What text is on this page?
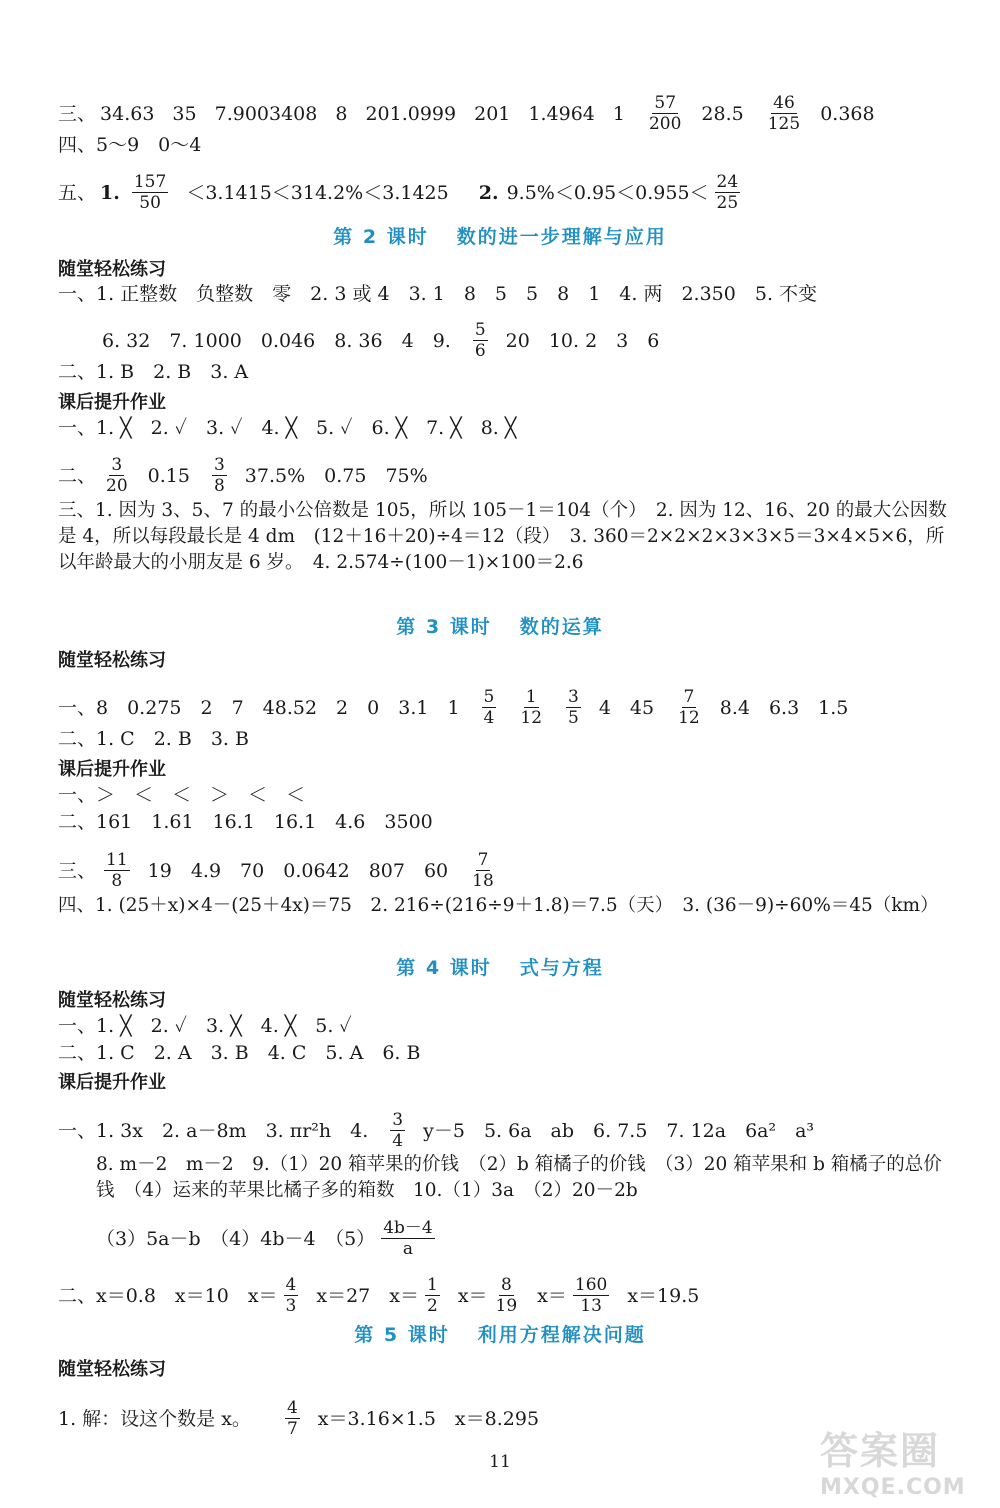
三、 34.63 35 7.9003408 8 201.0999 201 1.4964 $1 \frac{57}{200} 28.5 \frac{46}{125} 0.368$
四、5～9　0～4
五、 1. $\frac{157}{50} <3.1415<314.2\%<3.1425$ 2. $9.5\%<0.95<0.955< \frac{24}{25}$
第 2 课时 数的进一步理解与应用
随堂轻松练习
一、1. 正整数　负整数　零　2. 3 或 4　3. 1　8　5　5　8　1　4. 两　2.350　5. 不变
6. 32　7. 1000　0.046　8. 36　4　9. $\frac{5}{6} 20$　10. 2　3　6
二、1. B　2. B　3. A
课后提升作业
一、1. ╳　2. ✓　3. ✓　4. ╳　5. ✓　6. ╳　7. ╳　8. ╳
二、 $\frac{3}{20} 0.15 \frac{3}{8} 37.5\%$　0.75　75%
三、1. 因为 3、5、7 的最小公倍数是 105，所以 105－1＝104（个）　2. 因为 12、16、20 的最大公因数是 4，所以每段最长是 4 dm　(12＋16＋20)÷4＝12（段）　3. 360＝2×2×2×3×3×5＝3×4×5×6，所以年龄最大的小朋友是 6 岁。　4. 2.574÷(100－1)×100＝2.6
第 3 课时 数的运算
随堂轻松练习
一、8　0.275　2　7　48.52　2　0　3.1　$1 \frac{5}{4} \frac{1}{12} \frac{3}{5} 4$　$45 \frac{7}{12} 8.4$　6.3　1.5
二、1. C　2. B　3. B
课后提升作业
一、＞　＜　＜　＞　＜　＜
二、161　1.61　16.1　16.1　4.6　3500
三、 $\frac{11}{8} 19$　4.9　70　0.0642　807　$60 \frac{7}{18}$
四、1. (25＋x)×4－(25＋4x)＝75　2. 216÷(216÷9＋1.8)＝7.5（天）　3. (36－9)÷60%＝45（km）
第 4 课时 式与方程
随堂轻松练习
一、1. ╳　2. ✓　3. ╳　4. ╳　5. ✓
二、1. C　2. A　3. B　4. C　5. A　6. B
课后提升作业
一、1. 3x　2. a－8m　3. πr²h　4. $\frac{3}{4} y-5$　5. 6a　ab　6. 7.5　7. 12a　6a²　a³
8. m－2　m－2　9.（1）20 箱苹果的价钱　（2）b 箱橘子的价钱　（3）20 箱苹果和 b 箱橘子的总价钱　（4）运来的苹果比橘子多的箱数　10.（1）3a　（2）20－2b
（3）5a－b　（4）4b－4　$(5) \frac{4b-4}{a}$
二、x＝0.8　x＝10　$x= \frac{4}{3} x=27$　$x= \frac{1}{2} x= \frac{8}{19} x= \frac{160}{13} x=19.5$
第 5 课时 利用方程解决问题
随堂轻松练习
1. 解：设这个数是 x。 $\frac{4}{7} x=3.16\times 1.5$　x＝8.295
11	答案圈
MXQE.COM
